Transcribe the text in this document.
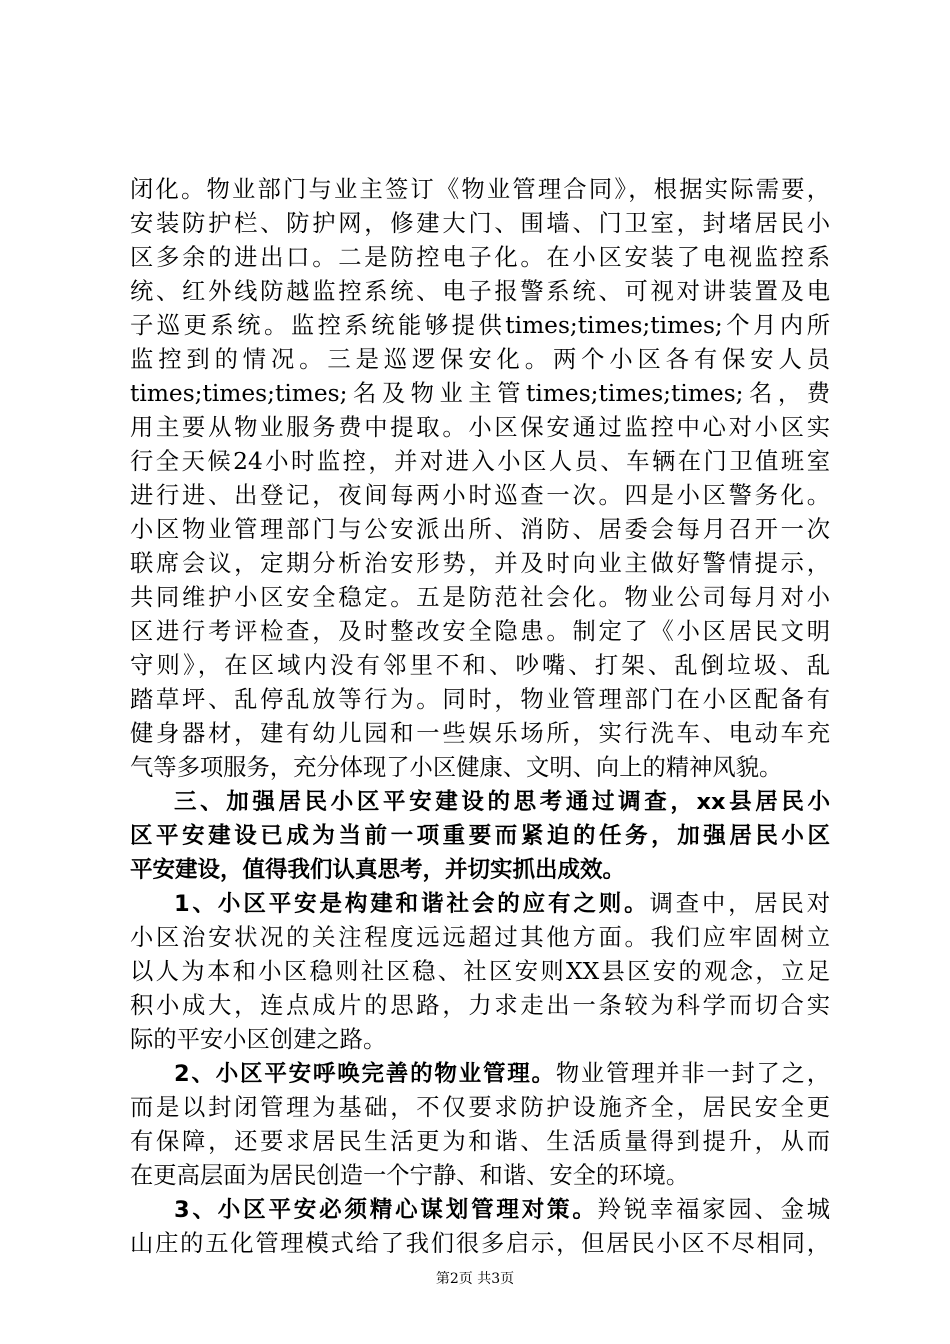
闭化。物业部门与业主签订《物业管理合同》，根据实际需要，
安装防护栏、防护网，修建大门、围墙、门卫室，封堵居民小
区多余的进出口。二是防控电子化。在小区安装了电视监控系
统、红外线防越监控系统、电子报警系统、可视对讲装置及电
子巡更系统。监控系统能够提供times;times;times;个月内所
监控到的情况。三是巡逻保安化。两个小区各有保安人员
times;times;times;名及物业主管times;times;times;名，费
用主要从物业服务费中提取。小区保安通过监控中心对小区实
行全天候24小时监控，并对进入小区人员、车辆在门卫值班室
进行进、出登记，夜间每两小时巡查一次。四是小区警务化。
小区物业管理部门与公安派出所、消防、居委会每月召开一次
联席会议，定期分析治安形势，并及时向业主做好警情提示，
共同维护小区安全稳定。五是防范社会化。物业公司每月对小
区进行考评检查，及时整改安全隐患。制定了《小区居民文明
守则》，在区域内没有邻里不和、吵嘴、打架、乱倒垃圾、乱
踏草坪、乱停乱放等行为。同时，物业管理部门在小区配备有
健身器材，建有幼儿园和一些娱乐场所，实行洗车、电动车充
气等多项服务，充分体现了小区健康、文明、向上的精神风貌。
三、加强居民小区平安建设的思考通过调查，xx县居民小
区平安建设已成为当前一项重要而紧迫的任务，加强居民小区
平安建设，值得我们认真思考，并切实抓出成效。
1、小区平安是构建和谐社会的应有之则。调查中，居民对
小区治安状况的关注程度远远超过其他方面。我们应牢固树立
以人为本和小区稳则社区稳、社区安则XX县区安的观念，立足
积小成大，连点成片的思路，力求走出一条较为科学而切合实
际的平安小区创建之路。
2、小区平安呼唤完善的物业管理。物业管理并非一封了之，
而是以封闭管理为基础，不仅要求防护设施齐全，居民安全更
有保障，还要求居民生活更为和谐、生活质量得到提升，从而
在更高层面为居民创造一个宁静、和谐、安全的环境。
3、小区平安必须精心谋划管理对策。羚锐幸福家园、金城
山庄的五化管理模式给了我们很多启示，但居民小区不尽相同，
第2页 共3页
